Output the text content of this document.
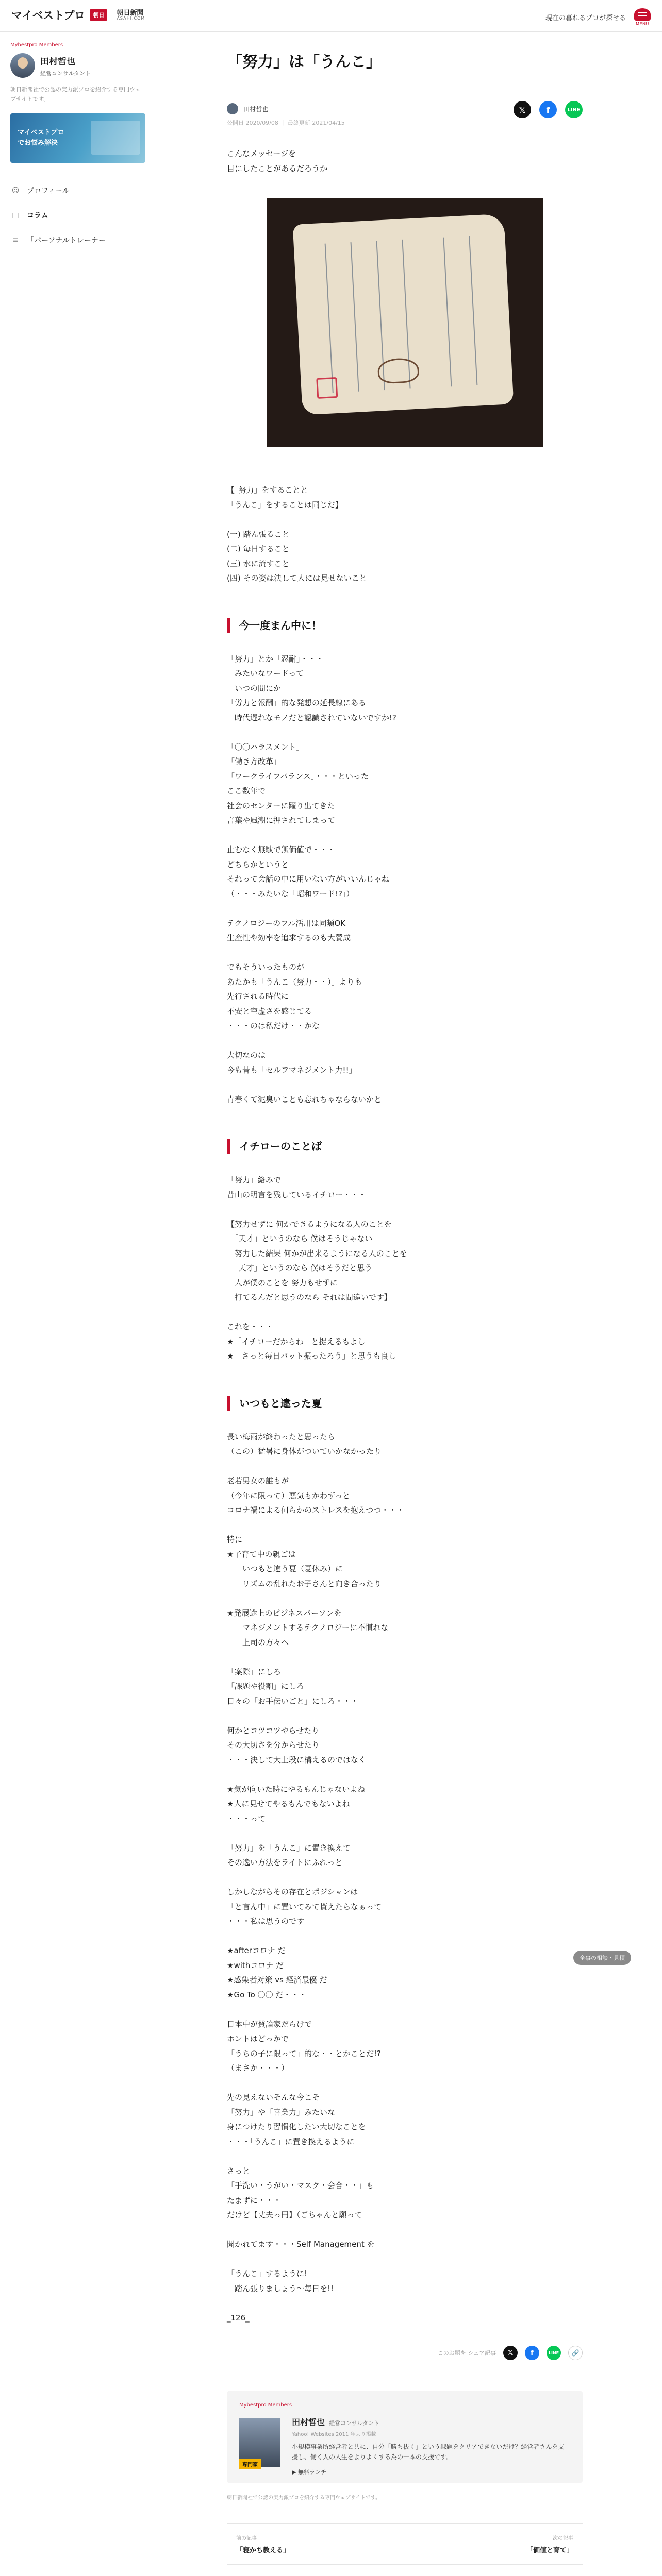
マイベストプロ	朝日	朝日新聞
ASAHI.COM	現在の暮れるプロが探せる
MENU
Mybestpro Members
田村哲也
経営コンサルタント
朝日新聞社で公認の実力派プロを紹介する専門ウェブサイトです。
マイベストプロ
でお悩み解決
☺ プロフィール
□ コラム
≡ 「パーソナルトレーナー」
「努力」は「うんこ」
𝕏	f	LINE
田村哲也
公開日 2020/09/08 ｜ 最終更新 2021/04/15
こんなメッセージを
目にしたことがあるだろうか
【「努力」をすることと
「うんこ」をすることは同じだ】

(一) 踏ん張ること
(二) 毎日すること
(三) 水に流すこと
(四) その姿は決して人には見せないこと
今一度まん中に！
「努力」とか「忍耐」・・・
　みたいなワードって
　いつの間にか
「労力と報酬」的な発想の延長線にある
　時代遅れなモノだと認識されていないですか!?

「〇〇ハラスメント」
「働き方改革」
「ワークライフバランス」・・・といった
ここ数年で
社会のセンターに躍り出てきた
言葉や風潮に押されてしまって

止むなく無駄で無価値で・・・
どちらかというと
それって会話の中に用いない方がいいんじゃね
（・・・みたいな「昭和ワード!?」）

テクノロジーのフル活用は同類OK
生産性や効率を追求するのも大賛成

でもそういったものが
あたかも「うんこ（努力・・）」よりも
先行される時代に
不安と空虚さを感じてる
・・・のは私だけ・・かな

大切なのは
今も昔も「セルフマネジメント力!!」

青春くて泥臭いことも忘れちゃならないかと
イチローのことば
「努力」絡みで
昔山の明言を残しているイチロー・・・

【努力せずに 何かできるようになる人のことを
　「天才」というのなら 僕はそうじゃない
　努力した結果 何かが出来るようになる人のことを
　「天才」というのなら 僕はそうだと思う
　人が僕のことを 努力もせずに
　打てるんだと思うのなら それは間違いです】

これを・・・
★「イチローだからね」と捉えるもよし
★「さっと毎日バット振ったろう」と思うも良し
いつもと違った夏
長い梅雨が終わったと思ったら
（この）猛暑に身体がついていかなかったり

老若男女の誰もが
（今年に限って）悪気もかわずっと
コロナ禍による何らかのストレスを抱えつつ・・・

特に
★子育て中の親ごは
　　いつもと違う夏（夏休み）に
　　リズムの乱れたお子さんと向き合ったり

★発展途上のビジネスパーソンを
　　マネジメントするテクノロジーに不慣れな
　　上司の方々へ

「案際」にしろ
「課題や役割」にしろ
日々の「お手伝いごと」にしろ・・・

何かとコツコツやらせたり
その大切さを分からせたり
・・・決して大上段に構えるのではなく

★気が向いた時にやるもんじゃないよね
★人に見せてやるもんでもないよね
・・・って

「努力」を「うんこ」に置き換えて
その逸い方法をライトにふれっと

しかしながらその存在とポジションは
「と言ん中」に置いてみて貰えたらなぁって
・・・私は思うのです

★afterコロナ だ
★withコロナ だ
★感染者対策 vs 経済最優 だ
★Go To 〇〇 だ・・・

日本中が賛論家だらけで
ホントはどっかで
「うちの子に限って」的な・・とかことだ!?
（まさか・・・）

先の見えないそんな今こそ
「努力」や「喜業力」みたいな
身につけたり習慣化したい大切なことを
・・・「うんこ」に置き換えるように

さっと
「手洗い・うがい・マスク・会合・・」も
たまずに・・・
だけど【丈夫っ円】（ごちゃんと願って

聞かれてます・・・Self Management を

「うんこ」するように!
　踏ん張りましょう〜毎日を!!

_126_
このお題を シェア記事	𝕏	f	LINE	🔗
Mybestpro Members
専門家
田村哲也 経営コンサルタント
Yahoo! Websites 2011 年より掲載
小規模事業所経営者と共に、自分「勝ち抜く」という課題をクリアできないだけ？経営者さんを支援し、働く人の人生をよりよくする為の一本の支援です。
▶ 無料ランチ
朝日新聞社で公認の実力派プロを紹介する専門ウェブサイトです。
前の記事
「寝かち教える」
次の記事
「価値と育て」
全事の相談・見積
